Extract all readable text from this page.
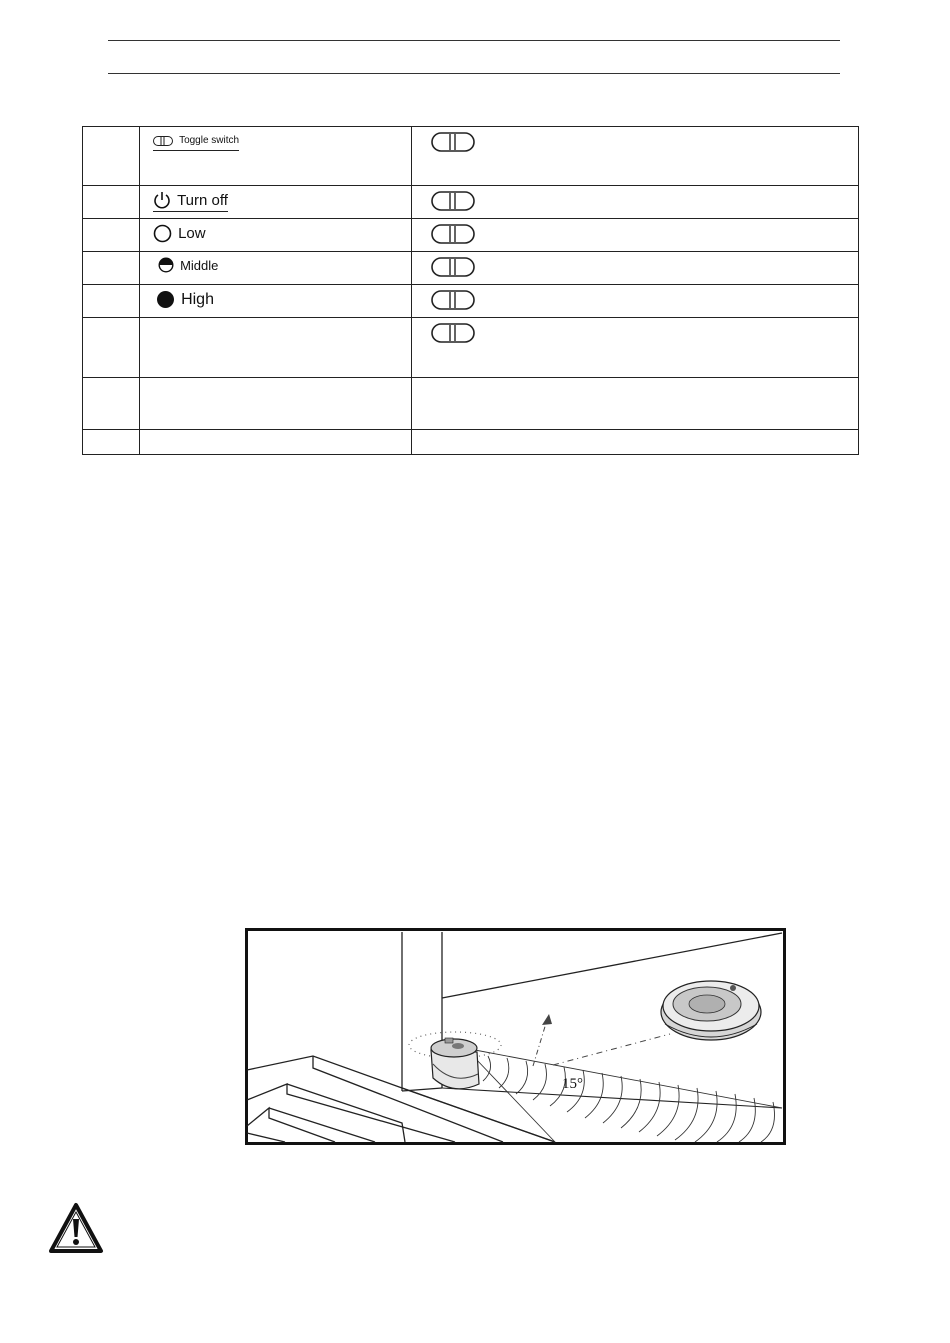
	Toggle switch

	Turn off

	Low

	Middle

	High

15°
